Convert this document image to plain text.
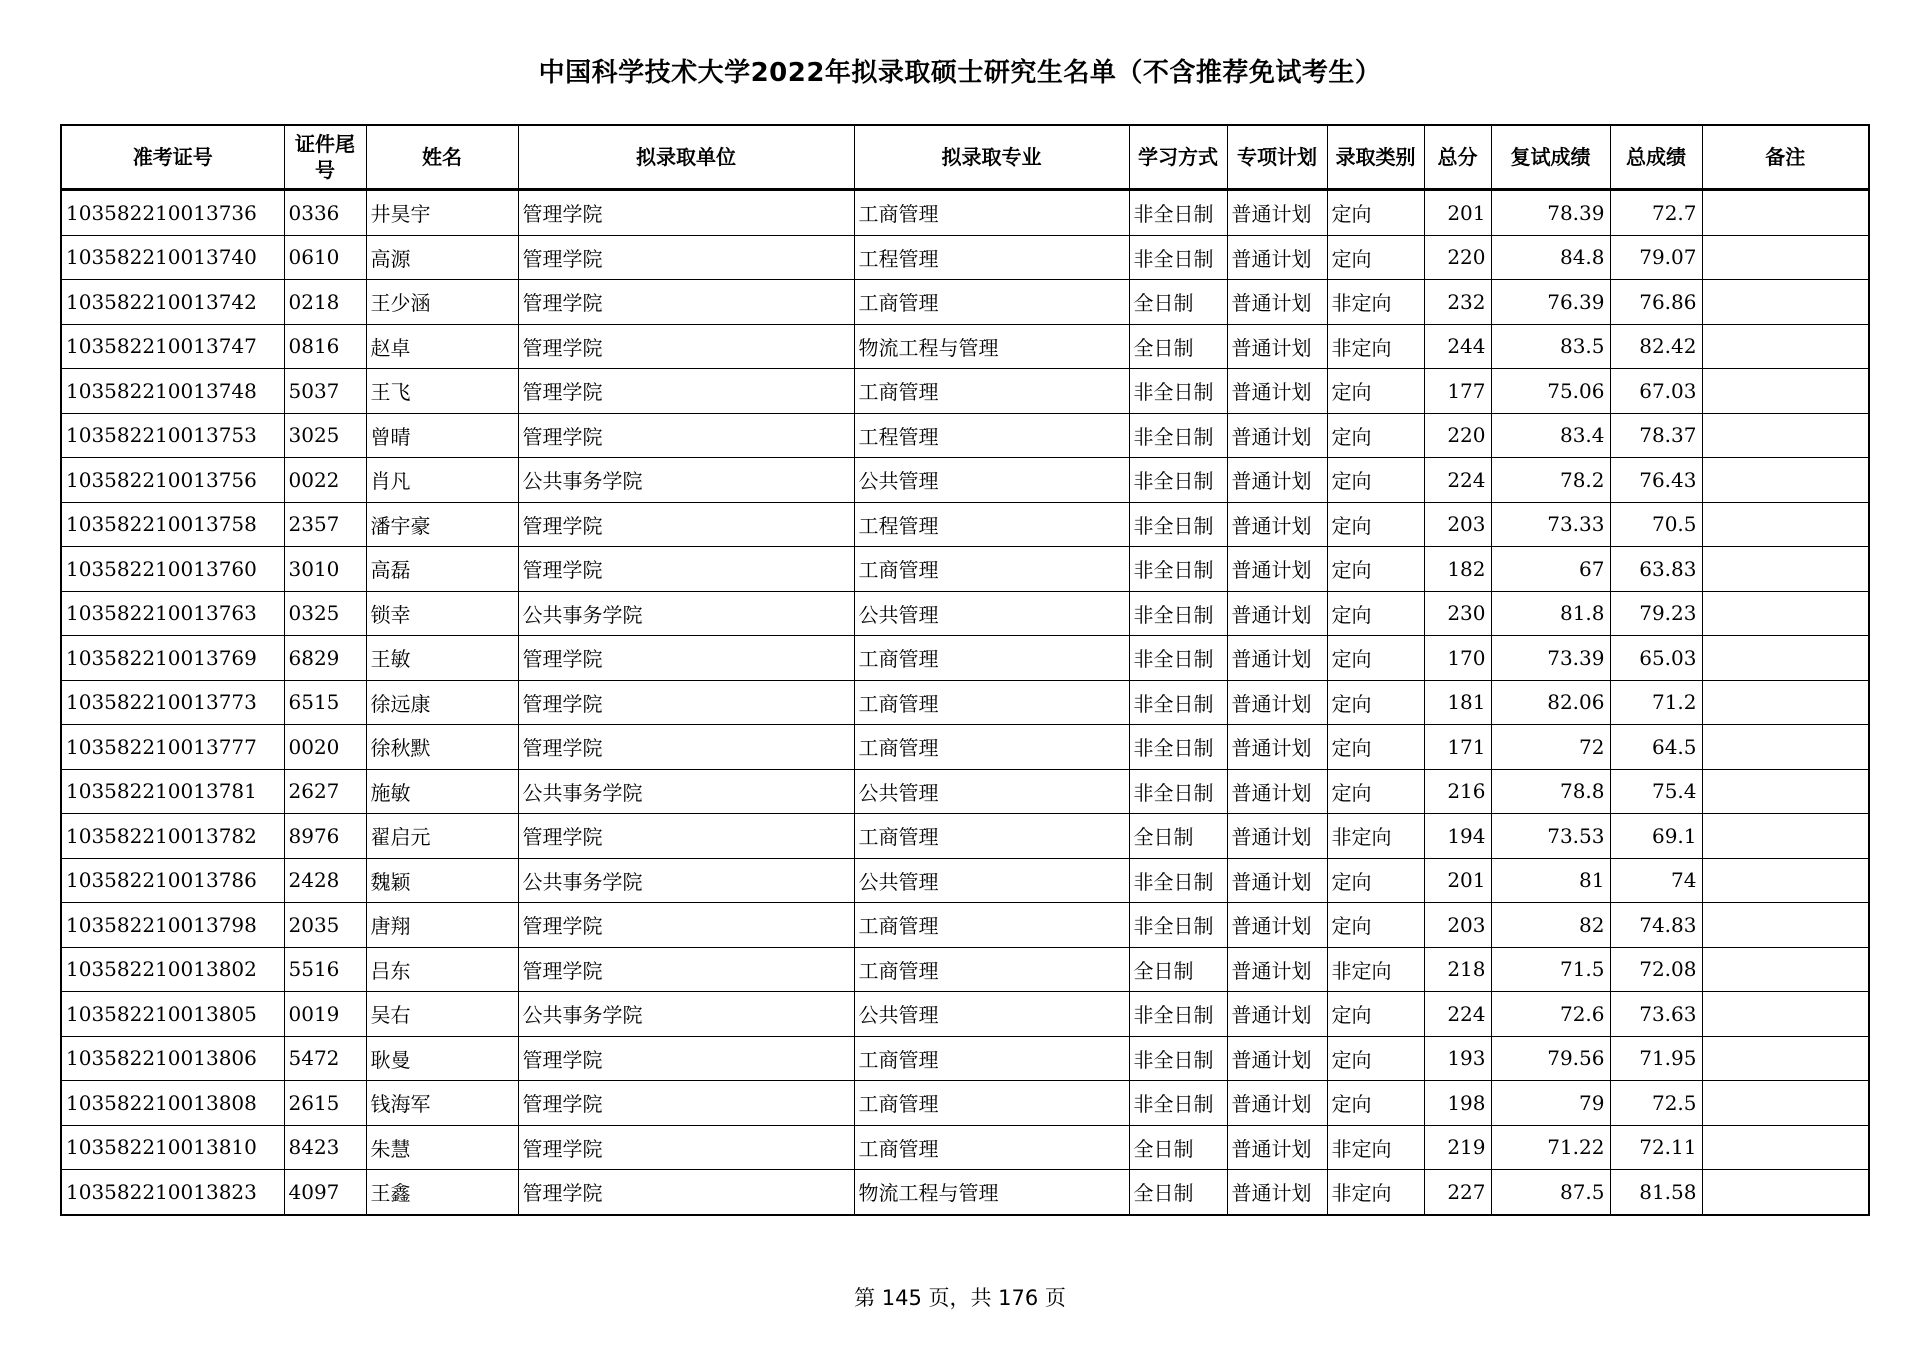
中国科学技术大学2022年拟录取硕士研究生名单（不含推荐免试考生）
准考证号	证件尾号	姓名	拟录取单位	拟录取专业	学习方式	专项计划	录取类别	总分	复试成绩	总成绩	备注
103582210013736	0336	井昊宇	管理学院	工商管理	非全日制	普通计划	定向	201	78.39	72.7	
103582210013740	0610	高源	管理学院	工程管理	非全日制	普通计划	定向	220	84.8	79.07	
103582210013742	0218	王少涵	管理学院	工商管理	全日制	普通计划	非定向	232	76.39	76.86	
103582210013747	0816	赵卓	管理学院	物流工程与管理	全日制	普通计划	非定向	244	83.5	82.42	
103582210013748	5037	王飞	管理学院	工商管理	非全日制	普通计划	定向	177	75.06	67.03	
103582210013753	3025	曾晴	管理学院	工程管理	非全日制	普通计划	定向	220	83.4	78.37	
103582210013756	0022	肖凡	公共事务学院	公共管理	非全日制	普通计划	定向	224	78.2	76.43	
103582210013758	2357	潘宇豪	管理学院	工程管理	非全日制	普通计划	定向	203	73.33	70.5	
103582210013760	3010	高磊	管理学院	工商管理	非全日制	普通计划	定向	182	67	63.83	
103582210013763	0325	锁幸	公共事务学院	公共管理	非全日制	普通计划	定向	230	81.8	79.23	
103582210013769	6829	王敏	管理学院	工商管理	非全日制	普通计划	定向	170	73.39	65.03	
103582210013773	6515	徐远康	管理学院	工商管理	非全日制	普通计划	定向	181	82.06	71.2	
103582210013777	0020	徐秋默	管理学院	工商管理	非全日制	普通计划	定向	171	72	64.5	
103582210013781	2627	施敏	公共事务学院	公共管理	非全日制	普通计划	定向	216	78.8	75.4	
103582210013782	8976	翟启元	管理学院	工商管理	全日制	普通计划	非定向	194	73.53	69.1	
103582210013786	2428	魏颖	公共事务学院	公共管理	非全日制	普通计划	定向	201	81	74	
103582210013798	2035	唐翔	管理学院	工商管理	非全日制	普通计划	定向	203	82	74.83	
103582210013802	5516	吕东	管理学院	工商管理	全日制	普通计划	非定向	218	71.5	72.08	
103582210013805	0019	吴右	公共事务学院	公共管理	非全日制	普通计划	定向	224	72.6	73.63	
103582210013806	5472	耿曼	管理学院	工商管理	非全日制	普通计划	定向	193	79.56	71.95	
103582210013808	2615	钱海军	管理学院	工商管理	非全日制	普通计划	定向	198	79	72.5	
103582210013810	8423	朱慧	管理学院	工商管理	全日制	普通计划	非定向	219	71.22	72.11	
103582210013823	4097	王鑫	管理学院	物流工程与管理	全日制	普通计划	非定向	227	87.5	81.58	
第 145 页，共 176 页
